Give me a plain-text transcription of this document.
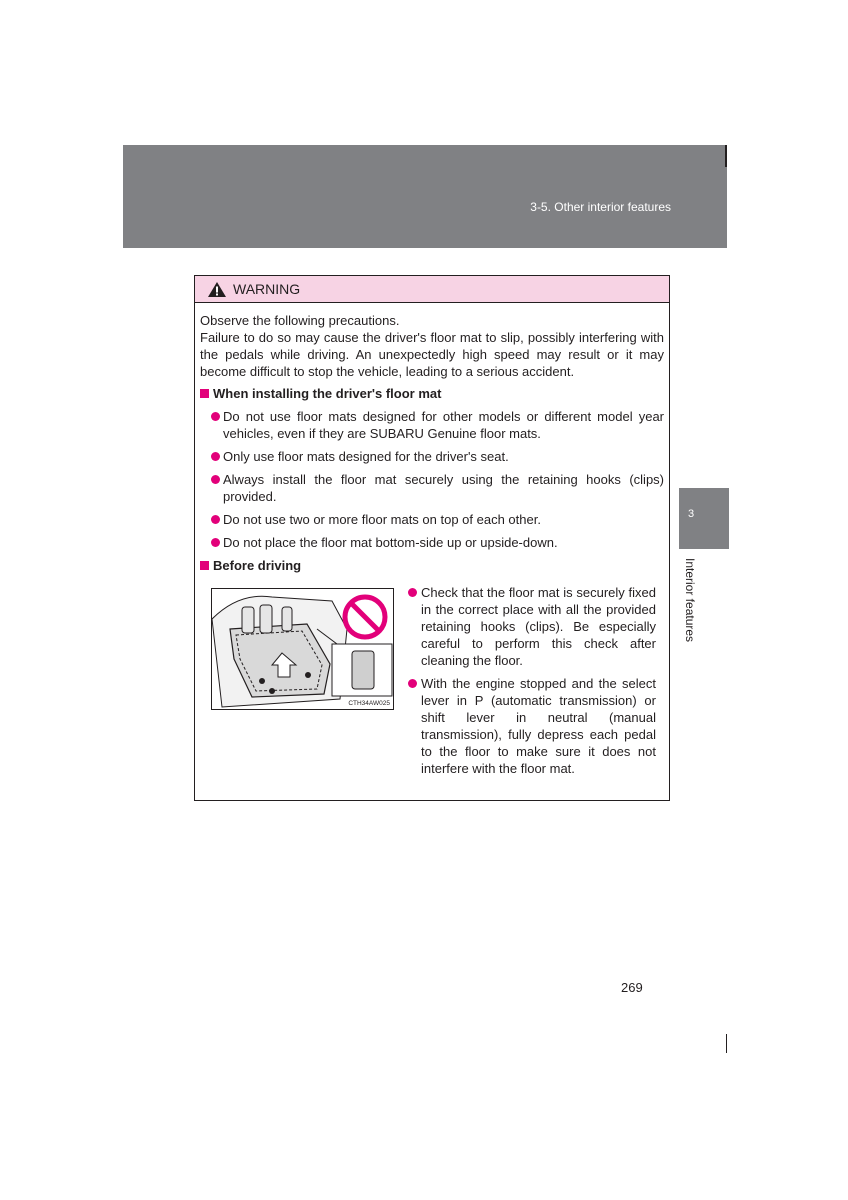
3-5. Other interior features
3
Interior features
WARNING
Observe the following precautions.
Failure to do so may cause the driver's floor mat to slip, possibly interfering with the pedals while driving. An unexpectedly high speed may result or it may become difficult to stop the vehicle, leading to a serious accident.
When installing the driver's floor mat
Do not use floor mats designed for other models or different model year vehicles, even if they are SUBARU Genuine floor mats.
Only use floor mats designed for the driver's seat.
Always install the floor mat securely using the retaining hooks (clips) provided.
Do not use two or more floor mats on top of each other.
Do not place the floor mat bottom-side up or upside-down.
Before driving
CTH34AW025
Check that the floor mat is securely fixed in the correct place with all the provided retaining hooks (clips). Be especially careful to perform this check after cleaning the floor.
With the engine stopped and the select lever in P (automatic transmission) or shift lever in neutral (manual transmission), fully depress each pedal to the floor to make sure it does not interfere with the floor mat.
269
